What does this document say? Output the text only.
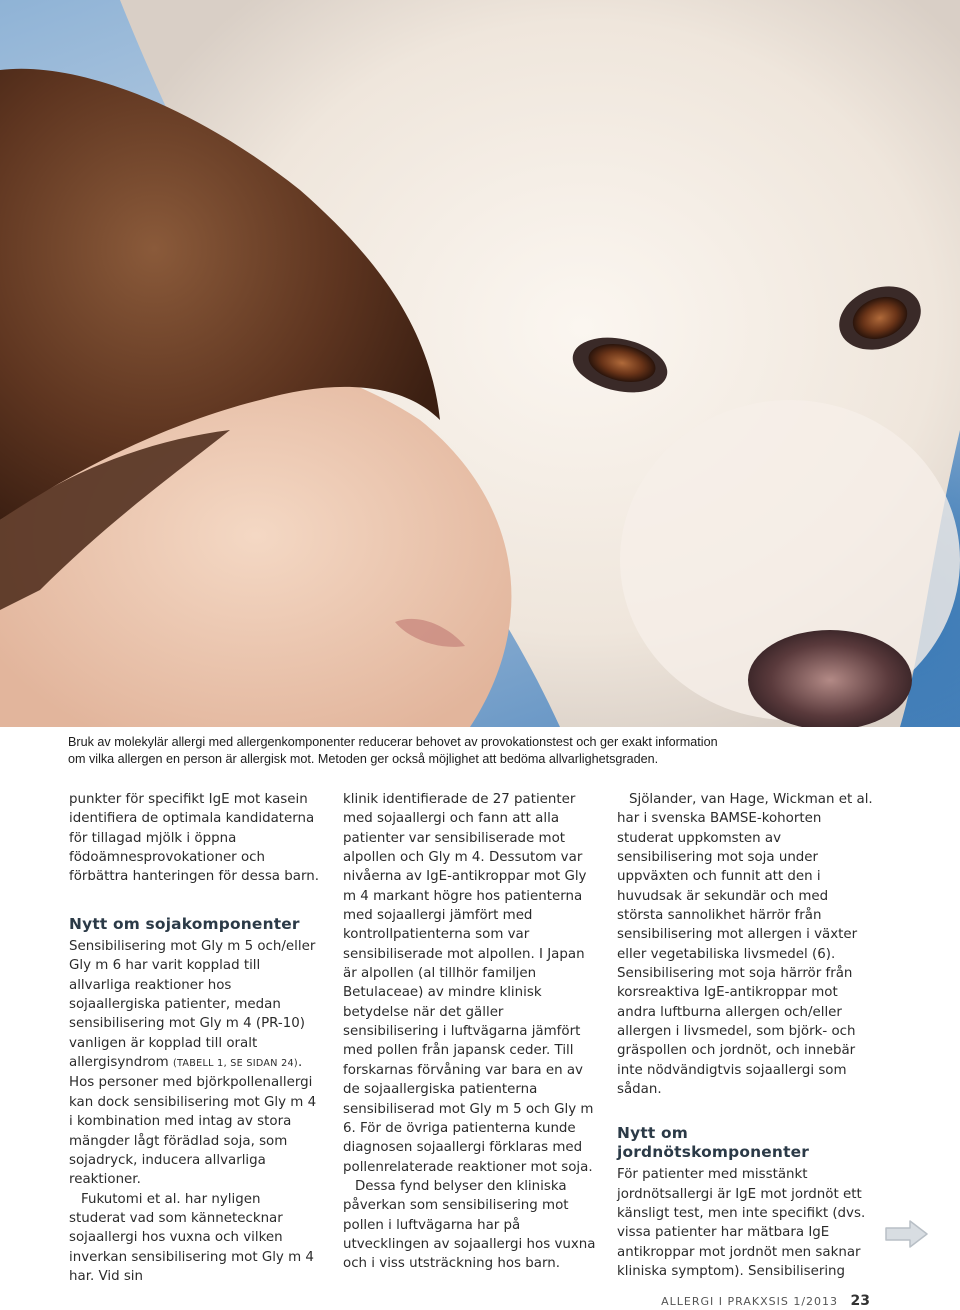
Bruk av molekylär allergi med allergenkomponenter reducerar behovet av provokationstest och ger exakt information

om vilka allergen en person är allergisk mot. Metoden ger också möjlighet att bedöma allvarlighetsgraden.

punkter för specifikt IgE mot kasein identifiera de optimala kandidaterna för tillagad mjölk i öppna födoämnesprovokationer och förbättra hanteringen för dessa barn.

Nytt om sojakomponenter

Sensibilisering mot Gly m 5 och/eller Gly m 6 har varit kopplad till allvarliga reaktioner hos sojaallergiska patienter, medan sensibilisering mot Gly m 4 (PR-10) vanligen är kopplad till oralt allergisyndrom (TABELL 1, SE SIDAN 24). Hos personer med björkpollenallergi kan dock sensibilisering mot Gly m 4 i kombination med intag av stora mängder lågt förädlad soja, som sojadryck, inducera allvarliga reaktioner.

Fukutomi et al. har nyligen studerat vad som kännetecknar sojaallergi hos vuxna och vilken inverkan sensibilisering mot Gly m 4 har. Vid sin

klinik identifierade de 27 patienter med sojaallergi och fann att alla patienter var sensibiliserade mot alpollen och Gly m 4. Dessutom var nivåerna av IgE-antikroppar mot Gly m 4 markant högre hos patienterna med sojaallergi jämfört med kontrollpatienterna som var sensibiliserade mot alpollen. I Japan är alpollen (al tillhör familjen Betulaceae) av mindre klinisk betydelse när det gäller sensibilisering i luftvägarna jämfört med pollen från japansk ceder. Till forskarnas förvåning var bara en av de sojaallergiska patienterna sensibiliserad mot Gly m 5 och Gly m 6. För de övriga patienterna kunde diagnosen sojaallergi förklaras med pollenrelaterade reaktioner mot soja.

Dessa fynd belyser den kliniska påverkan som sensibilisering mot pollen i luftvägarna har på utvecklingen av sojaallergi hos vuxna och i viss utsträckning hos barn.

Sjölander, van Hage, Wickman et al. har i svenska BAMSE-kohorten studerat uppkomsten av sensibilisering mot soja under uppväxten och funnit att den i huvudsak är sekundär och med största sannolikhet härrör från sensibilisering mot allergen i växter eller vegetabiliska livsmedel (6). Sensibilisering mot soja härrör från korsreaktiva IgE-antikroppar mot andra luftburna allergen och/eller allergen i livsmedel, som björk- och gräspollen och jordnöt, och innebär inte nödvändigtvis sojaallergi som sådan.

Nytt om jordnötskomponenter

För patienter med misstänkt jordnötsallergi är IgE mot jordnöt ett känsligt test, men inte specifikt (dvs. vissa patienter har mätbara IgE antikroppar mot jordnöt men saknar kliniska symptom). Sensibilisering

ALLERGI I PRAKXSIS 1/2013 23
